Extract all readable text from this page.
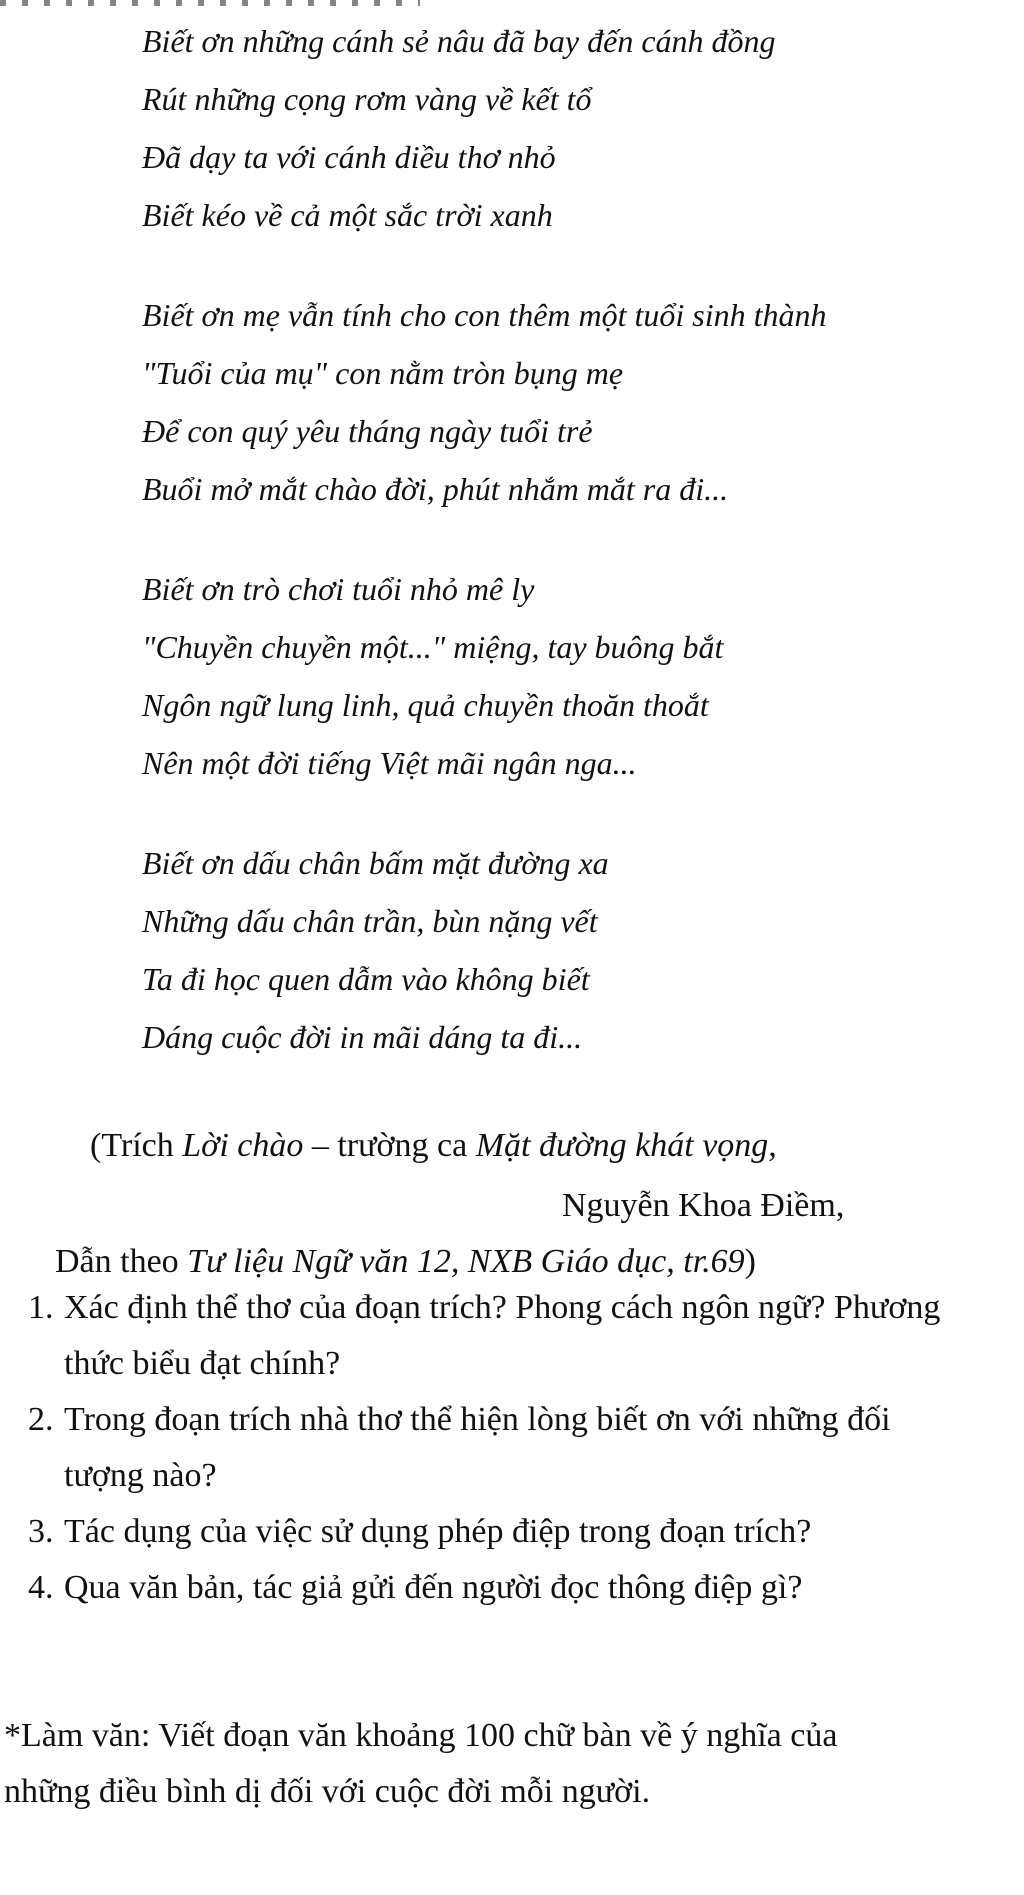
Biết ơn những cánh sẻ nâu đã bay đến cánh đồng
Rút những cọng rơm vàng về kết tổ
Đã dạy ta với cánh diều thơ nhỏ
Biết kéo về cả một sắc trời xanh
Biết ơn mẹ vẫn tính cho con thêm một tuổi sinh thành
"Tuổi của mụ" con nằm tròn bụng mẹ
Để con quý yêu tháng ngày tuổi trẻ
Buổi mở mắt chào đời, phút nhắm mắt ra đi...
Biết ơn trò chơi tuổi nhỏ mê ly
"Chuyền chuyền một..." miệng, tay buông bắt
Ngôn ngữ lung linh, quả chuyền thoăn thoắt
Nên một đời tiếng Việt mãi ngân nga...
Biết ơn dấu chân bấm mặt đường xa
Những dấu chân trần, bùn nặng vết
Ta đi học quen dẫm vào không biết
Dáng cuộc đời in mãi dáng ta đi...
(Trích Lời chào – trường ca Mặt đường khát vọng,
Nguyễn Khoa Điềm,
Dẫn theo Tư liệu Ngữ văn 12, NXB Giáo dục, tr.69)
1. Xác định thể thơ của đoạn trích? Phong cách ngôn ngữ? Phương thức biểu đạt chính?
2. Trong đoạn trích nhà thơ thể hiện lòng biết ơn với những đối tượng nào?
3. Tác dụng của việc sử dụng phép điệp trong đoạn trích?
4. Qua văn bản, tác giả gửi đến người đọc thông điệp gì?
*Làm văn: Viết đoạn văn khoảng 100 chữ bàn về ý nghĩa của những điều bình dị đối với cuộc đời mỗi người.
